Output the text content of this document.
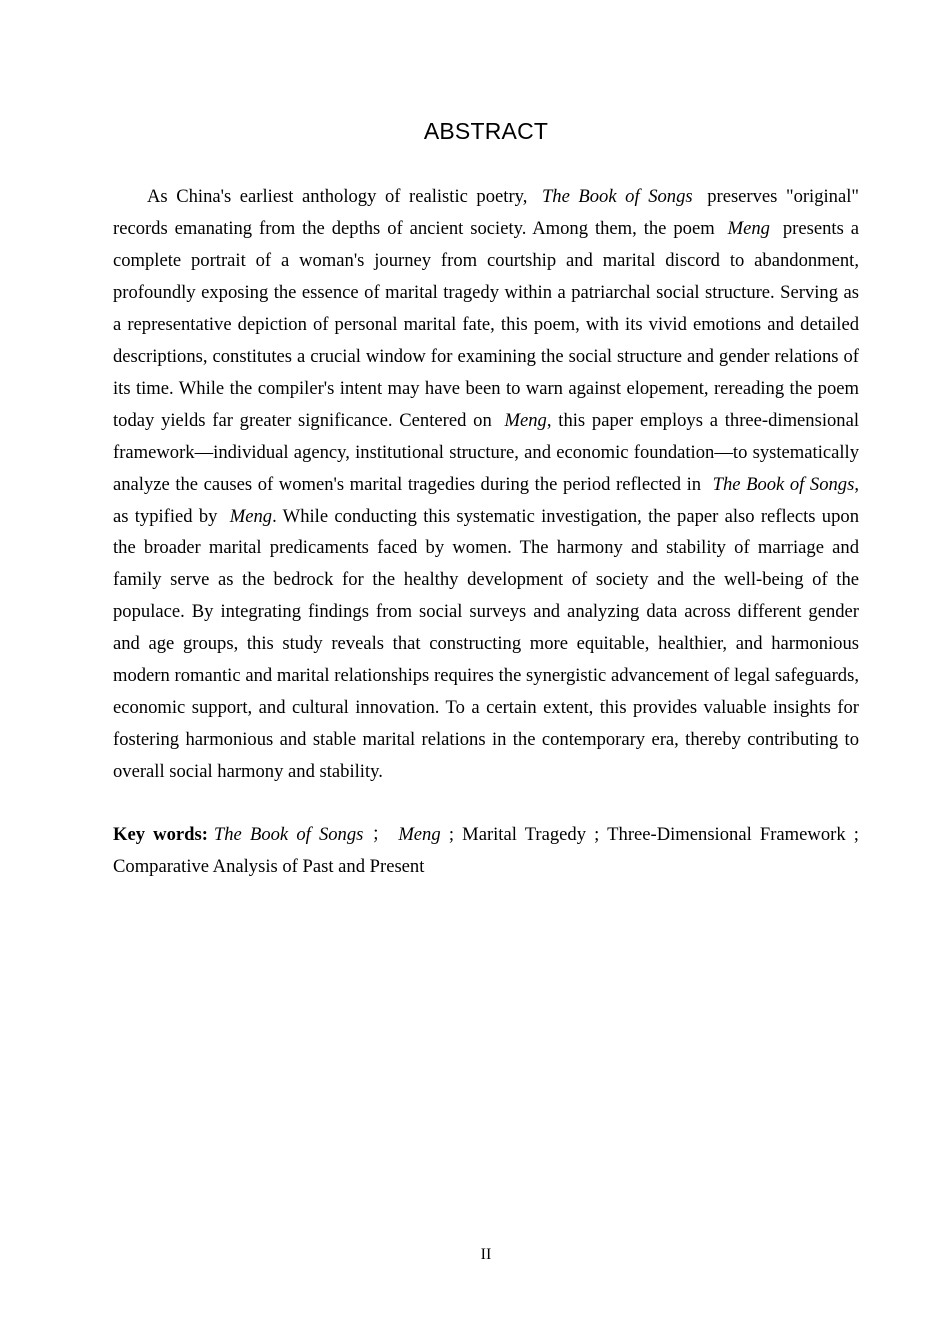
ABSTRACT

As China's earliest anthology of realistic poetry, The Book of Songs preserves "original" records emanating from the depths of ancient society. Among them, the poem Meng presents a complete portrait of a woman's journey from courtship and marital discord to abandonment, profoundly exposing the essence of marital tragedy within a patriarchal social structure. Serving as a representative depiction of personal marital fate, this poem, with its vivid emotions and detailed descriptions, constitutes a crucial window for examining the social structure and gender relations of its time. While the compiler's intent may have been to warn against elopement, rereading the poem today yields far greater significance. Centered on Meng, this paper employs a three-dimensional framework—individual agency, institutional structure, and economic foundation—to systematically analyze the causes of women's marital tragedies during the period reflected in The Book of Songs, as typified by Meng. While conducting this systematic investigation, the paper also reflects upon the broader marital predicaments faced by women. The harmony and stability of marriage and family serve as the bedrock for the healthy development of society and the well-being of the populace. By integrating findings from social surveys and analyzing data across different gender and age groups, this study reveals that constructing more equitable, healthier, and harmonious modern romantic and marital relationships requires the synergistic advancement of legal safeguards, economic support, and cultural innovation. To a certain extent, this provides valuable insights for fostering harmonious and stable marital relations in the contemporary era, thereby contributing to overall social harmony and stability.

Key words: The Book of Songs ； Meng ; Marital Tragedy ; Three-Dimensional Framework ; Comparative Analysis of Past and Present

II
